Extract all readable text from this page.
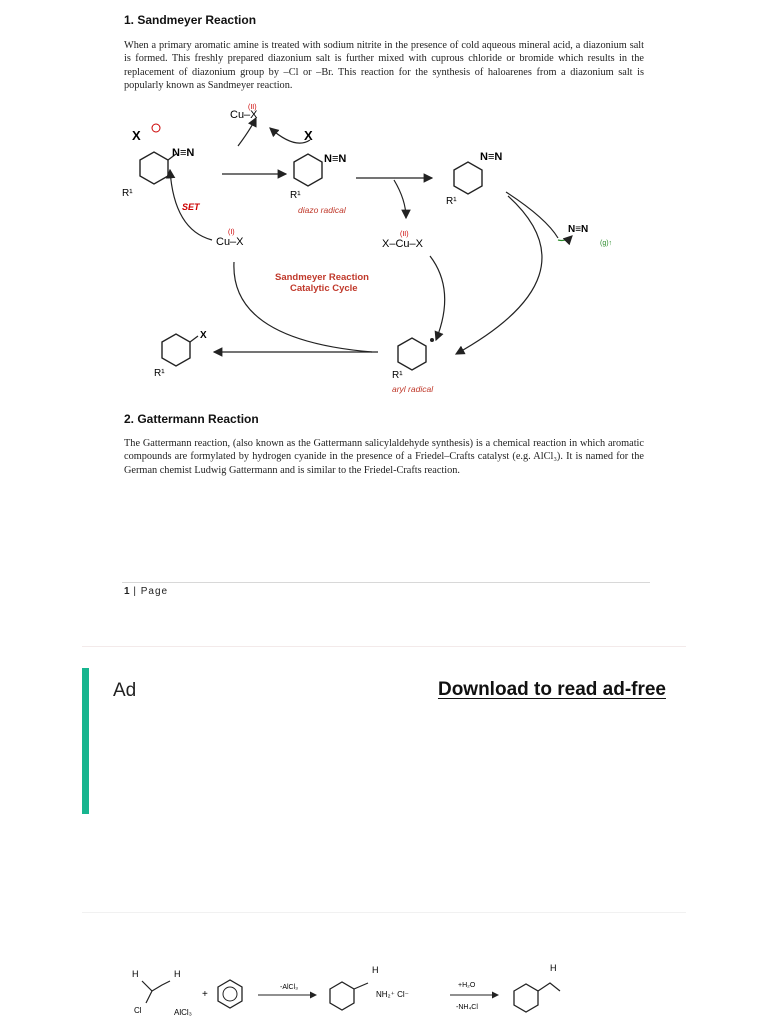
1. Sandmeyer Reaction

When a primary aromatic amine is treated with sodium nitrite in the presence of cold aqueous mineral acid, a diazonium salt is formed. This freshly prepared diazonium salt is further mixed with cuprous chloride or bromide which results in the replacement of diazonium group by –Cl or –Br. This reaction for the synthesis of haloarenes from a diazonium salt is popularly known as Sandmeyer reaction.

X
N≡N
R¹
Cu–X
(II)
X
N≡N
R¹
diazo radical
N≡N
R¹
N≡N
(g)↑
SET
Cu–X
(I)
X–Cu–X
(II)
Sandmeyer Reaction
Catalytic Cycle
X
R¹	R¹
aryl radical
2. Gattermann Reaction

The Gattermann reaction, (also known as the Gattermann salicylaldehyde synthesis) is a chemical reaction in which aromatic compounds are formylated by hydrogen cyanide in the presence of a Friedel–Crafts catalyst (e.g. AlCl₃). It is named for the German chemist Ludwig Gattermann and is similar to the Friedel-Crafts reaction.

1 | Page
Ad	Download to read ad-free
H	H
Cl	AlCl₃
+
-AlCl₃
H
NH₂⁺ Cl⁻
+H₂O
-NH₄Cl
H
